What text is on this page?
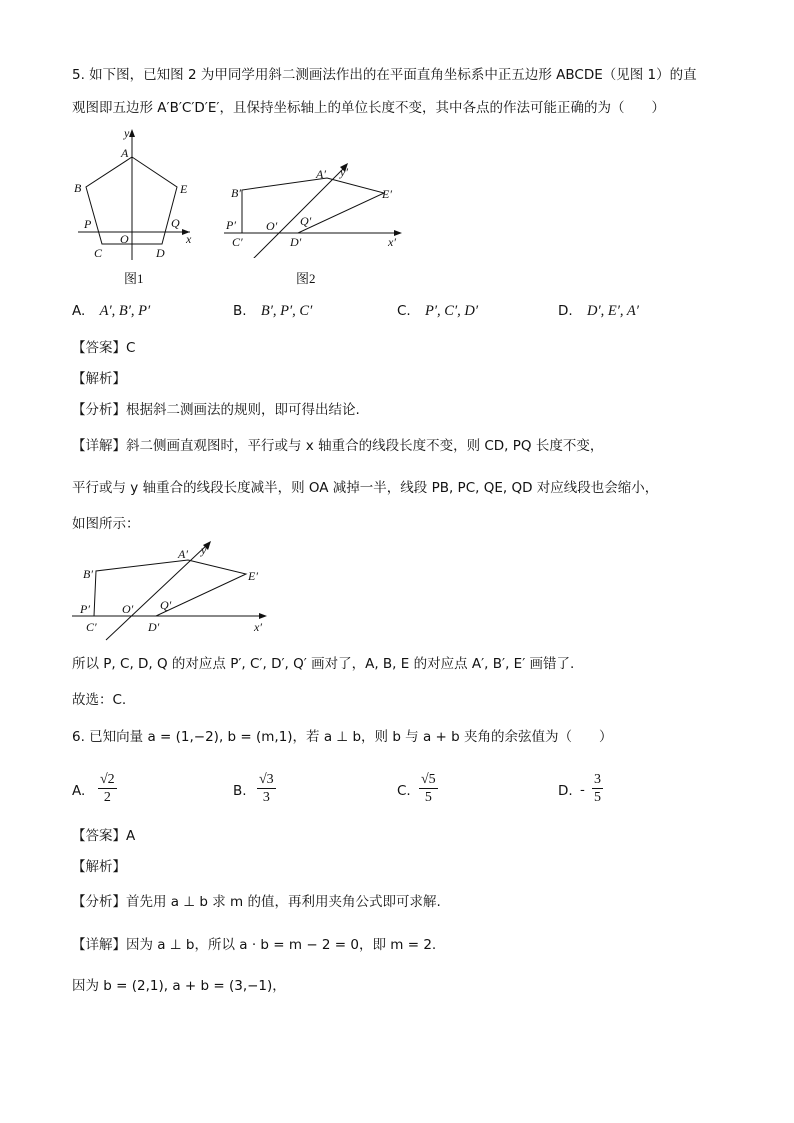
5. 如下图，已知图 2 为甲同学用斜二测画法作出的在平面直角坐标系中正五边形 ABCDE（见图 1）的直
观图即五边形 A′B′C′D′E′，且保持坐标轴上的单位长度不变，其中各点的作法可能正确的为（　　）
y
A
B	E
P	Q
O	x
C	D
图1
A′ y′
B′	E′
P′	O′ Q′
C′	D′	x′
图2
A. A′, B′, P′	B. B′, P′, C′	C. P′, C′, D′	D. D′, E′, A′
【答案】C
【解析】
【分析】根据斜二测画法的规则，即可得出结论.
【详解】斜二侧画直观图时，平行或与 x 轴重合的线段长度不变，则 CD, PQ 长度不变，
平行或与 y 轴重合的线段长度减半，则 OA 减掉一半，线段 PB, PC, QE, QD 对应线段也会缩小，
如图所示：
A′ y′
B′	E′
P′	O′ Q′
C′	D′	x′
所以 P, C, D, Q 的对应点 P′, C′, D′, Q′ 画对了，A, B, E 的对应点 A′, B′, E′ 画错了.
故选：C.
6. 已知向量 a = (1,−2), b = (m,1)，若 a ⊥ b，则 b 与 a + b 夹角的余弦值为（　　）
A. $\frac{√2}{2}$	B. $\frac{√3}{3}$	C. $\frac{√5}{5}$	D. - $\frac{3}{5}$
【答案】A
【解析】
【分析】首先用 a ⊥ b 求 m 的值，再利用夹角公式即可求解.
【详解】因为 a ⊥ b，所以 a · b = m − 2 = 0，即 m = 2.
因为 b = (2,1), a + b = (3,−1)，
